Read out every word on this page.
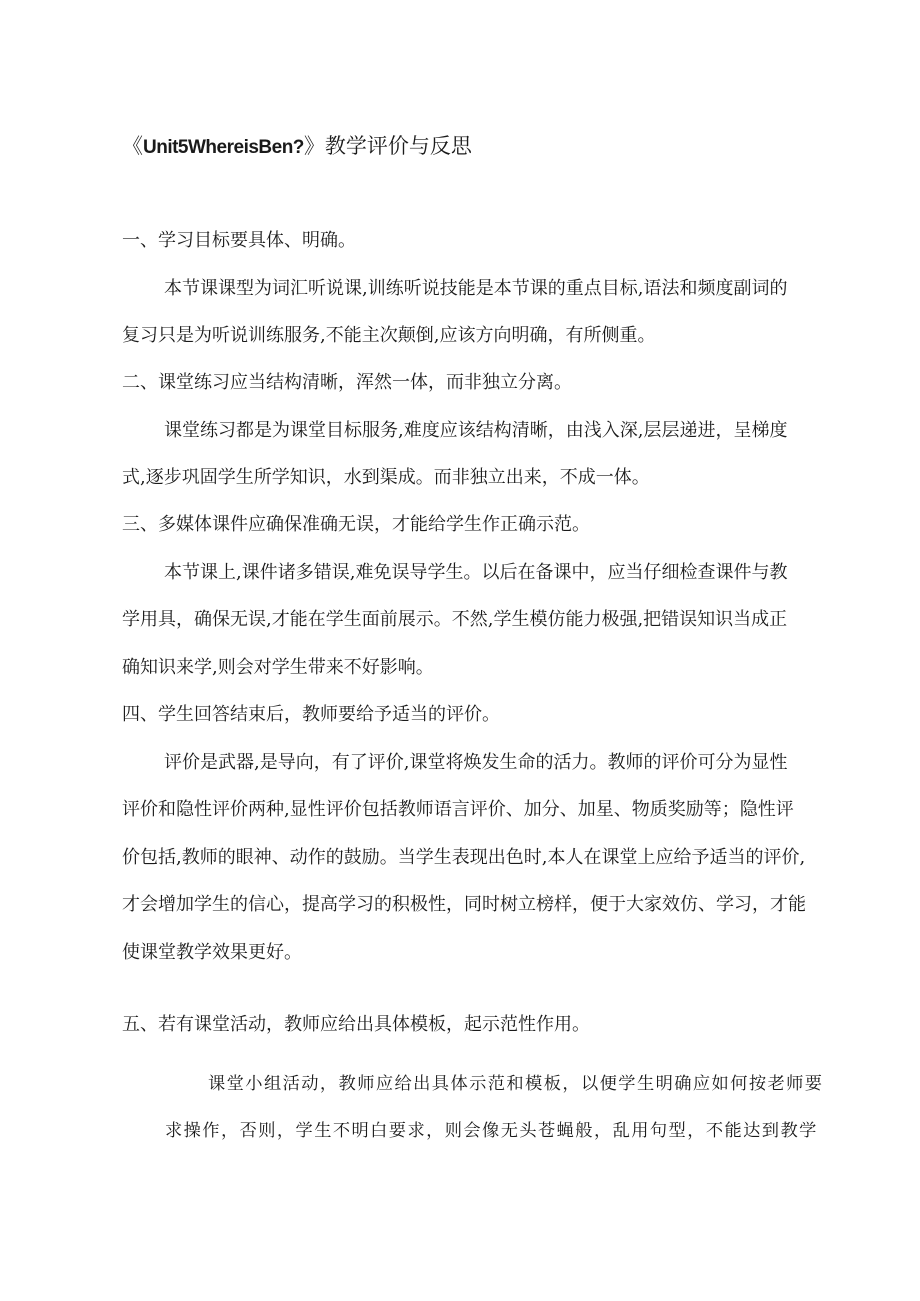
《Unit5WhereisBen?》教学评价与反思
一、学习目标要具体、明确。
本节课课型为词汇听说课,训练听说技能是本节课的重点目标,语法和频度副词的
复习只是为听说训练服务,不能主次颠倒,应该方向明确，有所侧重。
二、课堂练习应当结构清晰，浑然一体，而非独立分离。
课堂练习都是为课堂目标服务,难度应该结构清晰，由浅入深,层层递进，呈梯度
式,逐步巩固学生所学知识，水到渠成。而非独立出来，不成一体。
三、多媒体课件应确保准确无误，才能给学生作正确示范。
本节课上,课件诸多错误,难免误导学生。以后在备课中，应当仔细检查课件与教
学用具，确保无误,才能在学生面前展示。不然,学生模仿能力极强,把错误知识当成正
确知识来学,则会对学生带来不好影响。
四、学生回答结束后，教师要给予适当的评价。
评价是武器,是导向，有了评价,课堂将焕发生命的活力。教师的评价可分为显性
评价和隐性评价两种,显性评价包括教师语言评价、加分、加星、物质奖励等；隐性评
价包括,教师的眼神、动作的鼓励。当学生表现出色时,本人在课堂上应给予适当的评价,
才会增加学生的信心，提高学习的积极性，同时树立榜样，便于大家效仿、学习，才能
使课堂教学效果更好。
五、若有课堂活动，教师应给出具体模板，起示范性作用。
课堂小组活动，教师应给出具体示范和模板，以便学生明确应如何按老师要
求操作，否则，学生不明白要求，则会像无头苍蝇般，乱用句型，不能达到教学
